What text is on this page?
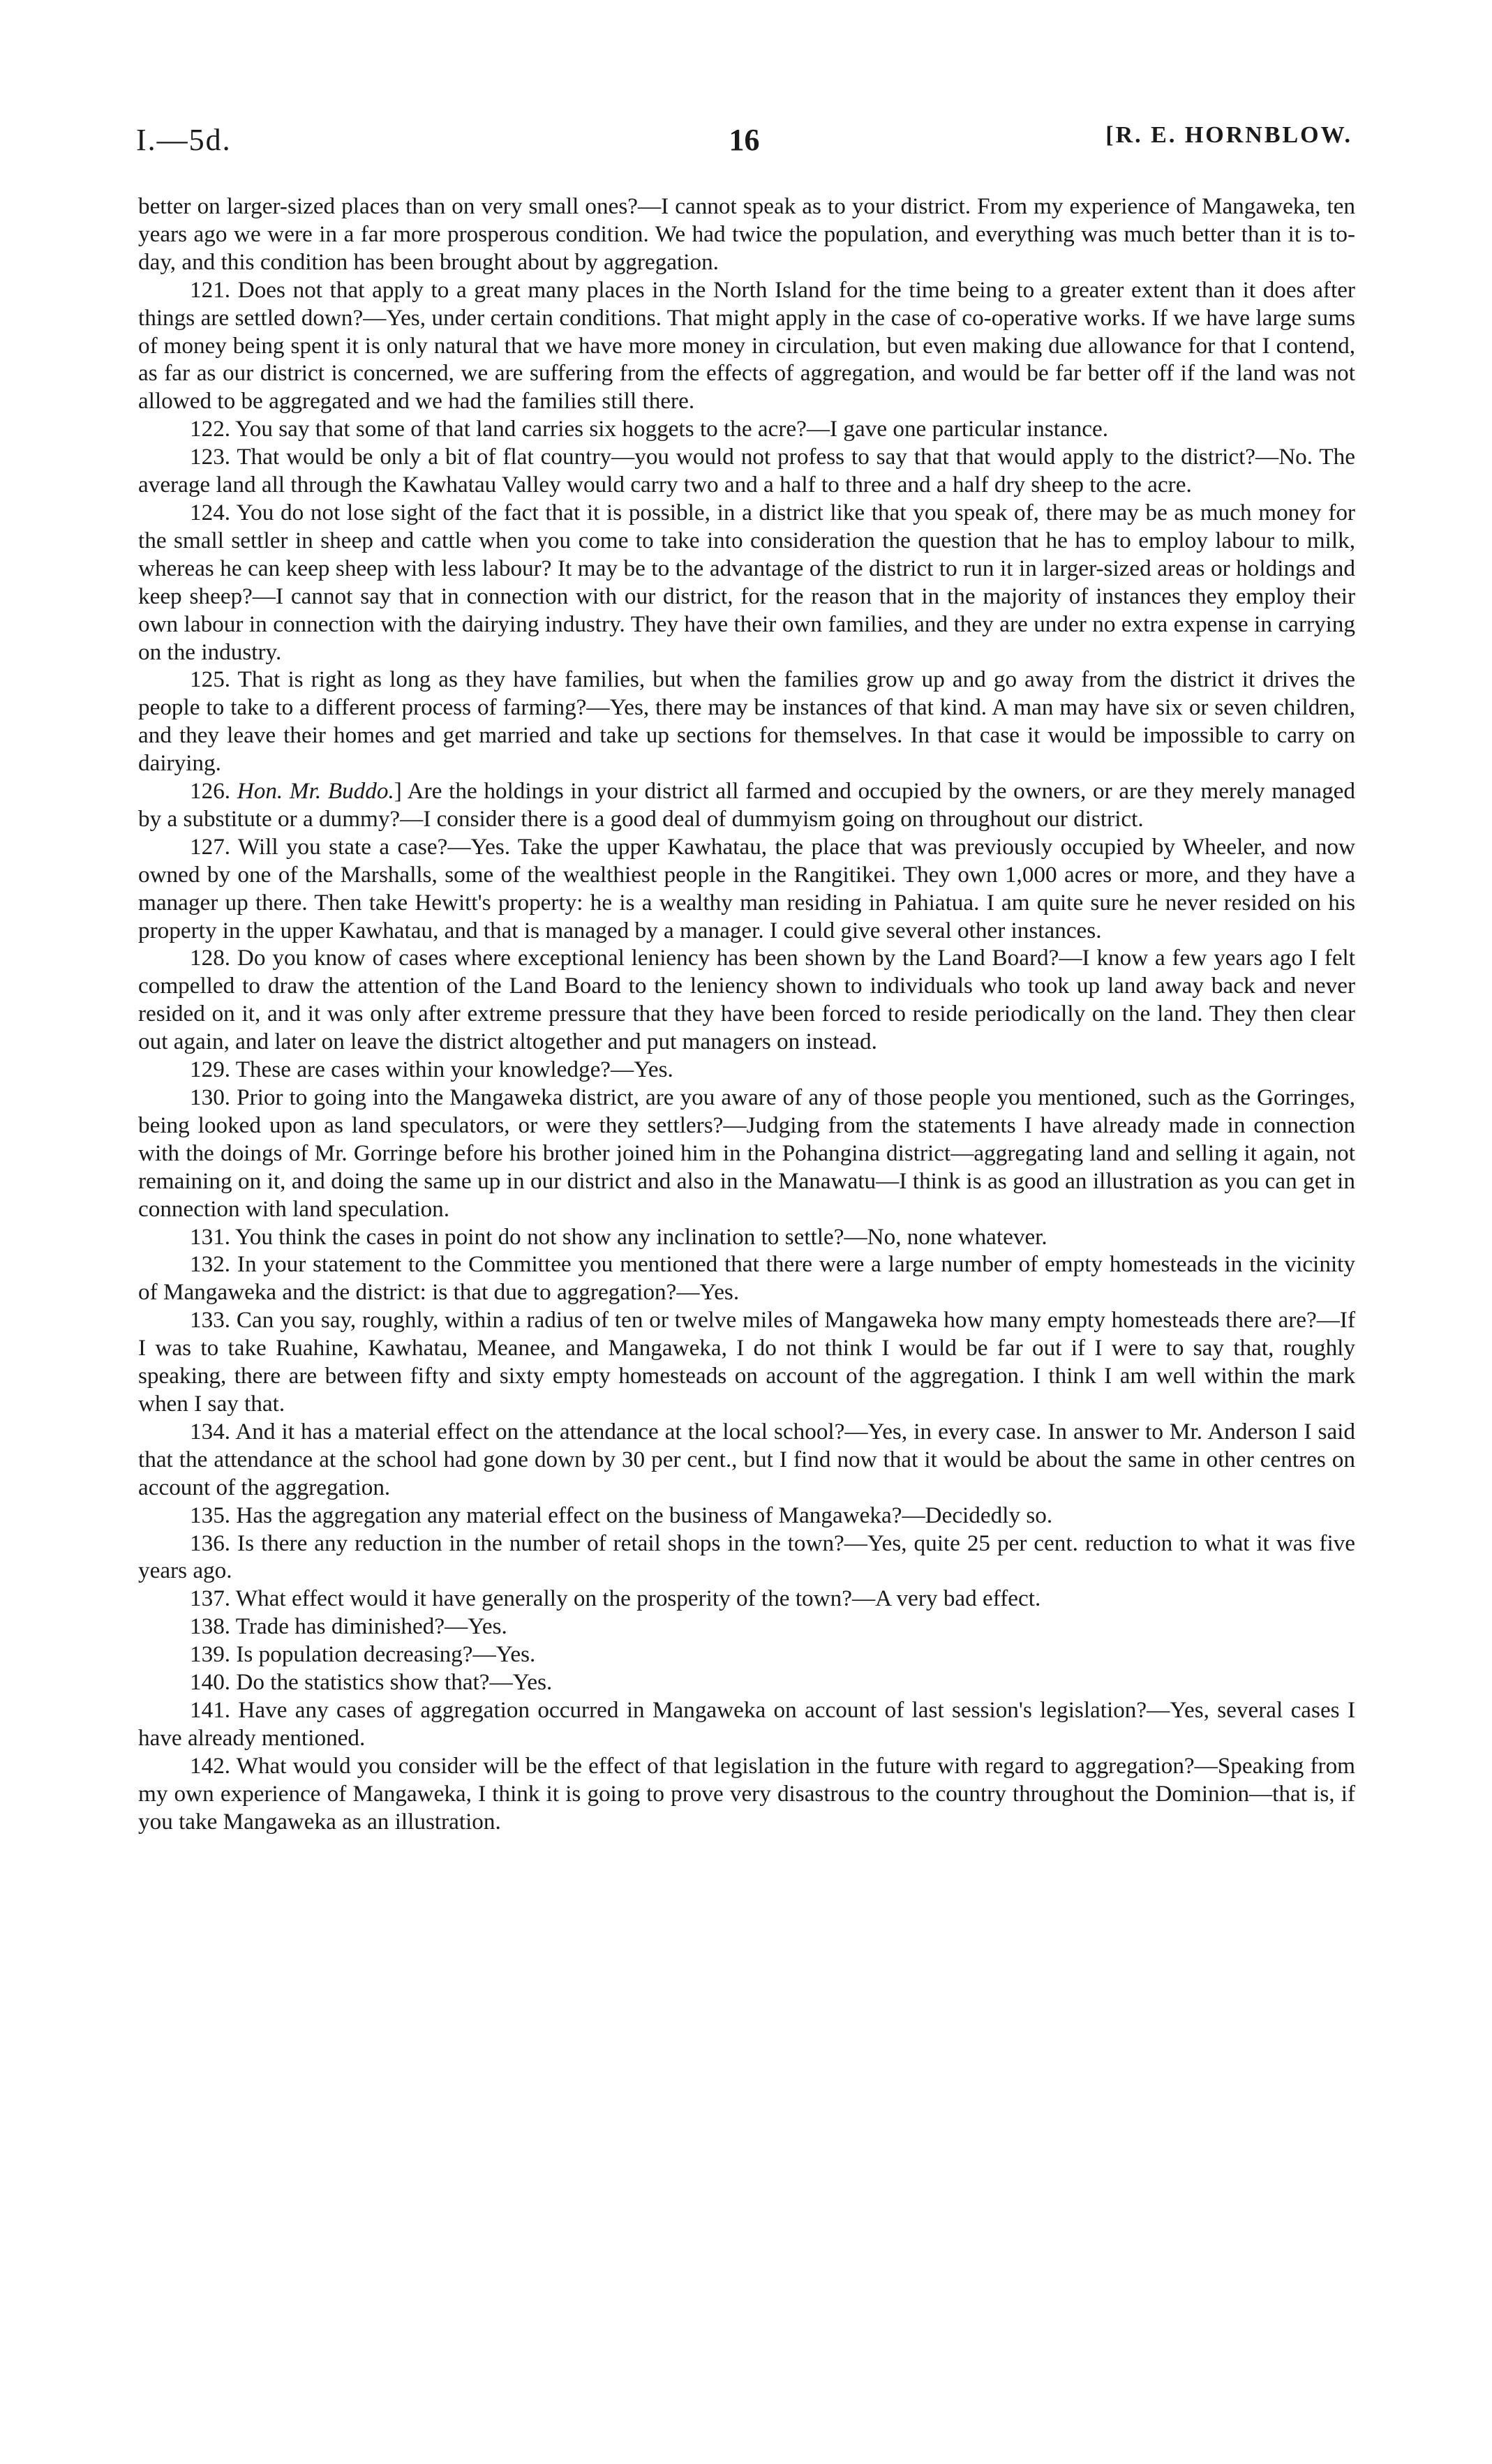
I.—5d.	16	[R. E. HORNBLOW.

better on larger-sized places than on very small ones?—I cannot speak as to your district. From my experience of Mangaweka, ten years ago we were in a far more prosperous condition. We had twice the population, and everything was much better than it is to-day, and this condition has been brought about by aggregation.

121. Does not that apply to a great many places in the North Island for the time being to a greater extent than it does after things are settled down?—Yes, under certain conditions. That might apply in the case of co-operative works. If we have large sums of money being spent it is only natural that we have more money in circulation, but even making due allowance for that I contend, as far as our district is concerned, we are suffering from the effects of aggregation, and would be far better off if the land was not allowed to be aggregated and we had the families still there.

122. You say that some of that land carries six hoggets to the acre?—I gave one particular instance.

123. That would be only a bit of flat country—you would not profess to say that that would apply to the district?—No. The average land all through the Kawhatau Valley would carry two and a half to three and a half dry sheep to the acre.

124. You do not lose sight of the fact that it is possible, in a district like that you speak of, there may be as much money for the small settler in sheep and cattle when you come to take into consideration the question that he has to employ labour to milk, whereas he can keep sheep with less labour? It may be to the advantage of the district to run it in larger-sized areas or holdings and keep sheep?—I cannot say that in connection with our district, for the reason that in the majority of instances they employ their own labour in connection with the dairying industry. They have their own families, and they are under no extra expense in carrying on the industry.

125. That is right as long as they have families, but when the families grow up and go away from the district it drives the people to take to a different process of farming?—Yes, there may be instances of that kind. A man may have six or seven children, and they leave their homes and get married and take up sections for themselves. In that case it would be impossible to carry on dairying.

126. Hon. Mr. Buddo.] Are the holdings in your district all farmed and occupied by the owners, or are they merely managed by a substitute or a dummy?—I consider there is a good deal of dummyism going on throughout our district.

127. Will you state a case?—Yes. Take the upper Kawhatau, the place that was previously occupied by Wheeler, and now owned by one of the Marshalls, some of the wealthiest people in the Rangitikei. They own 1,000 acres or more, and they have a manager up there. Then take Hewitt's property: he is a wealthy man residing in Pahiatua. I am quite sure he never resided on his property in the upper Kawhatau, and that is managed by a manager. I could give several other instances.

128. Do you know of cases where exceptional leniency has been shown by the Land Board?—I know a few years ago I felt compelled to draw the attention of the Land Board to the leniency shown to individuals who took up land away back and never resided on it, and it was only after extreme pressure that they have been forced to reside periodically on the land. They then clear out again, and later on leave the district altogether and put managers on instead.

129. These are cases within your knowledge?—Yes.

130. Prior to going into the Mangaweka district, are you aware of any of those people you mentioned, such as the Gorringes, being looked upon as land speculators, or were they settlers?—Judging from the statements I have already made in connection with the doings of Mr. Gorringe before his brother joined him in the Pohangina district—aggregating land and selling it again, not remaining on it, and doing the same up in our district and also in the Manawatu—I think is as good an illustration as you can get in connection with land speculation.

131. You think the cases in point do not show any inclination to settle?—No, none whatever.

132. In your statement to the Committee you mentioned that there were a large number of empty homesteads in the vicinity of Mangaweka and the district: is that due to aggregation?—Yes.

133. Can you say, roughly, within a radius of ten or twelve miles of Mangaweka how many empty homesteads there are?—If I was to take Ruahine, Kawhatau, Meanee, and Mangaweka, I do not think I would be far out if I were to say that, roughly speaking, there are between fifty and sixty empty homesteads on account of the aggregation. I think I am well within the mark when I say that.

134. And it has a material effect on the attendance at the local school?—Yes, in every case. In answer to Mr. Anderson I said that the attendance at the school had gone down by 30 per cent., but I find now that it would be about the same in other centres on account of the aggregation.

135. Has the aggregation any material effect on the business of Mangaweka?—Decidedly so.

136. Is there any reduction in the number of retail shops in the town?—Yes, quite 25 per cent. reduction to what it was five years ago.

137. What effect would it have generally on the prosperity of the town?—A very bad effect.

138. Trade has diminished?—Yes.

139. Is population decreasing?—Yes.

140. Do the statistics show that?—Yes.

141. Have any cases of aggregation occurred in Mangaweka on account of last session's legislation?—Yes, several cases I have already mentioned.

142. What would you consider will be the effect of that legislation in the future with regard to aggregation?—Speaking from my own experience of Mangaweka, I think it is going to prove very disastrous to the country throughout the Dominion—that is, if you take Mangaweka as an illustration.
